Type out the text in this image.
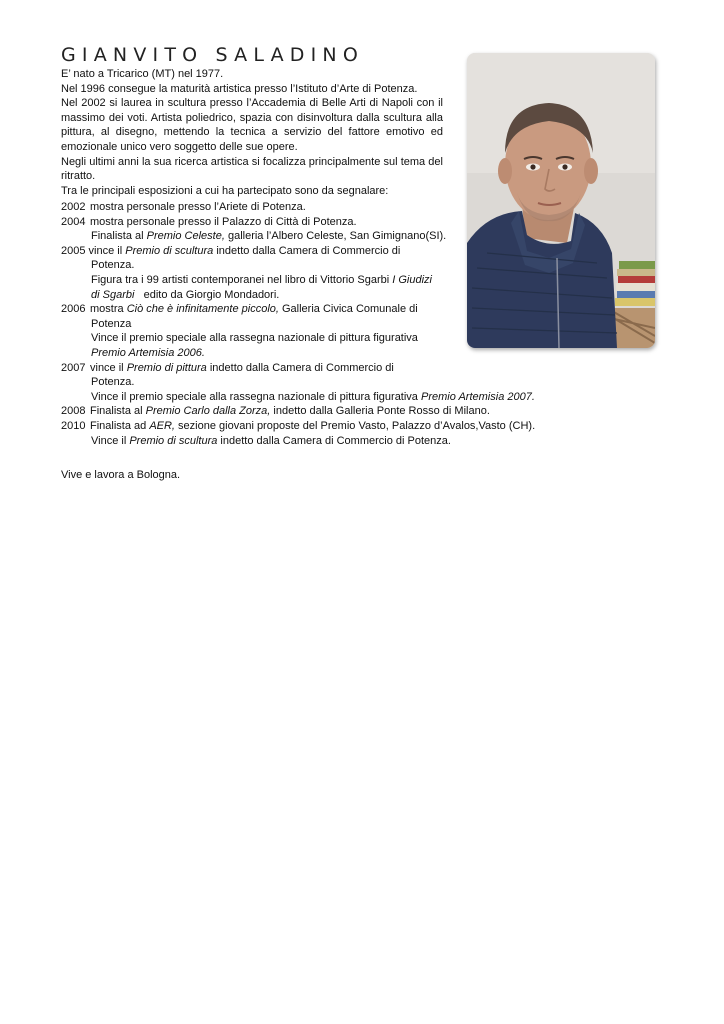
GIANVITO SALADINO

E’ nato a Tricarico (MT) nel 1977.

Nel 1996 consegue la maturità artistica presso l’Istituto d’Arte di Potenza.

Nel 2002 si laurea in scultura presso l’Accademia di Belle Arti di Napoli con il massimo dei voti. Artista poliedrico, spazia con disinvoltura dalla scultura alla pittura, al disegno, mettendo la tecnica a servizio del fattore emotivo ed emozionale unico vero soggetto delle sue opere.

Negli ultimi anni la sua ricerca artistica si focalizza principalmente sul tema del ritratto.

Tra le principali esposizioni a cui ha partecipato sono da segnalare:

2002 mostra personale presso l’Ariete di Potenza.
2004 mostra personale presso il Palazzo di Città di Potenza.
Finalista al Premio Celeste, galleria l’Albero Celeste, San Gimignano(SI).
2005 vince il Premio di scultura indetto dalla Camera di Commercio di
Potenza.
Figura tra i 99 artisti contemporanei nel libro di Vittorio Sgarbi I Giudizi
di Sgarbi   edito da Giorgio Mondadori.
2006 mostra Ciò che è infinitamente piccolo, Galleria Civica Comunale di
Potenza
Vince il premio speciale alla rassegna nazionale di pittura figurativa
Premio Artemisia 2006.
2007 vince il Premio di pittura indetto dalla Camera di Commercio di
Potenza.
Vince il premio speciale alla rassegna nazionale di pittura figurativa Premio Artemisia 2007.
2008 Finalista al Premio Carlo dalla Zorza, indetto dalla Galleria Ponte Rosso di Milano.
2010 Finalista ad AER, sezione giovani proposte del Premio Vasto, Palazzo d’Avalos,Vasto (CH).
Vince il Premio di scultura indetto dalla Camera di Commercio di Potenza.
Vive e lavora a Bologna.
